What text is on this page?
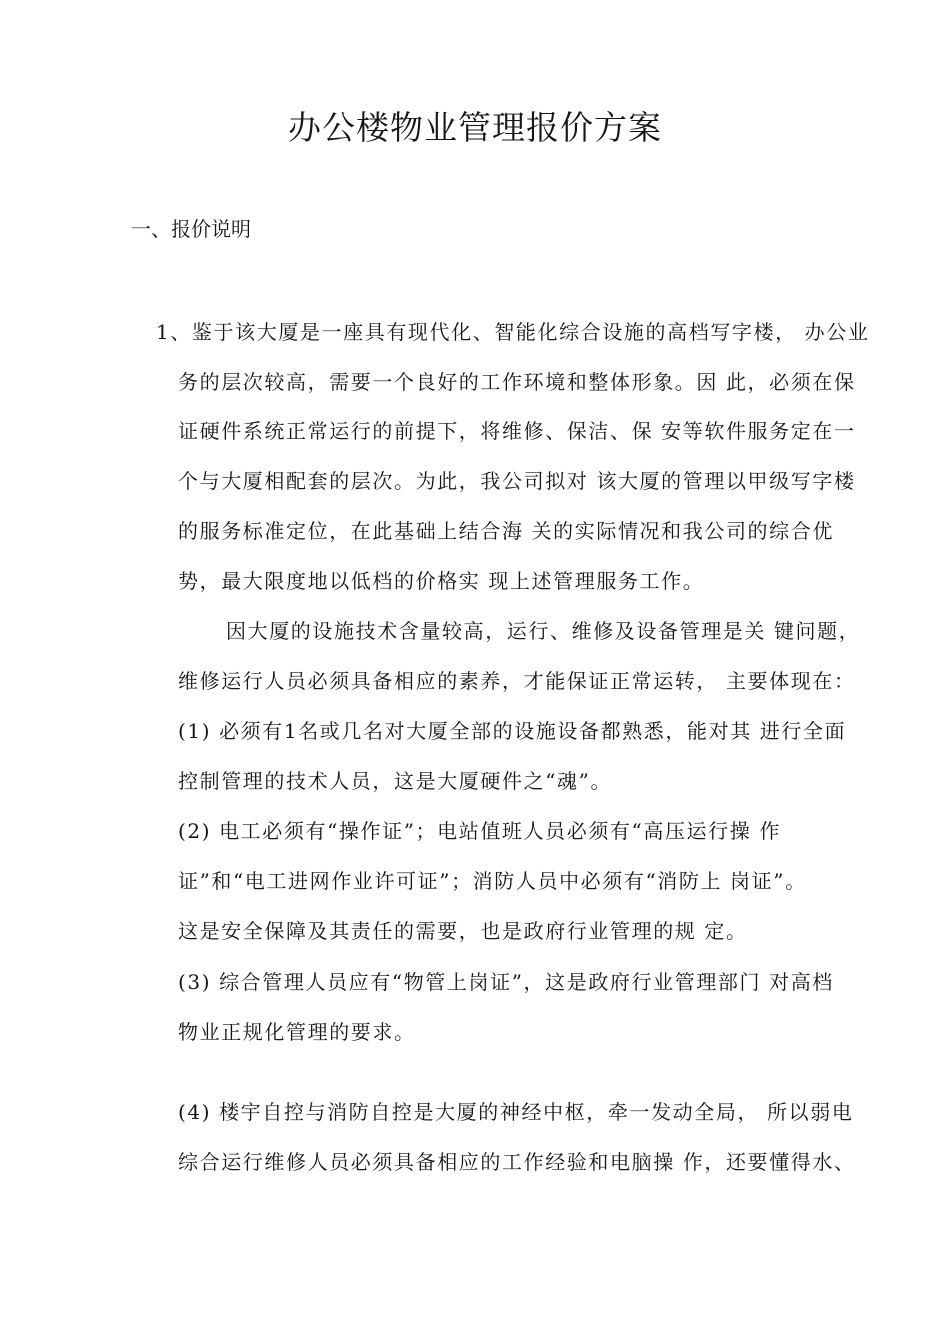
办公楼物业管理报价方案
一、报价说明
1、鉴于该大厦是一座具有现代化、智能化综合设施的高档写字楼， 办公业
务的层次较高，需要一个良好的工作环境和整体形象。因 此，必须在保
证硬件系统正常运行的前提下，将维修、保洁、保 安等软件服务定在一
个与大厦相配套的层次。为此，我公司拟对 该大厦的管理以甲级写字楼
的服务标准定位，在此基础上结合海 关的实际情况和我公司的综合优
势，最大限度地以低档的价格实 现上述管理服务工作。
因大厦的设施技术含量较高，运行、维修及设备管理是关 键问题，
维修运行人员必须具备相应的素养，才能保证正常运转， 主要体现在：
(1) 必须有1名或几名对大厦全部的设施设备都熟悉，能对其 进行全面
控制管理的技术人员，这是大厦硬件之“魂”。
(2) 电工必须有“操作证”；电站值班人员必须有“高压运行操 作
证”和“电工进网作业许可证”；消防人员中必须有“消防上 岗证”。
这是安全保障及其责任的需要，也是政府行业管理的规 定。
(3) 综合管理人员应有“物管上岗证”，这是政府行业管理部门 对高档
物业正规化管理的要求。
(4) 楼宇自控与消防自控是大厦的神经中枢，牵一发动全局， 所以弱电
综合运行维修人员必须具备相应的工作经验和电脑操 作，还要懂得水、
